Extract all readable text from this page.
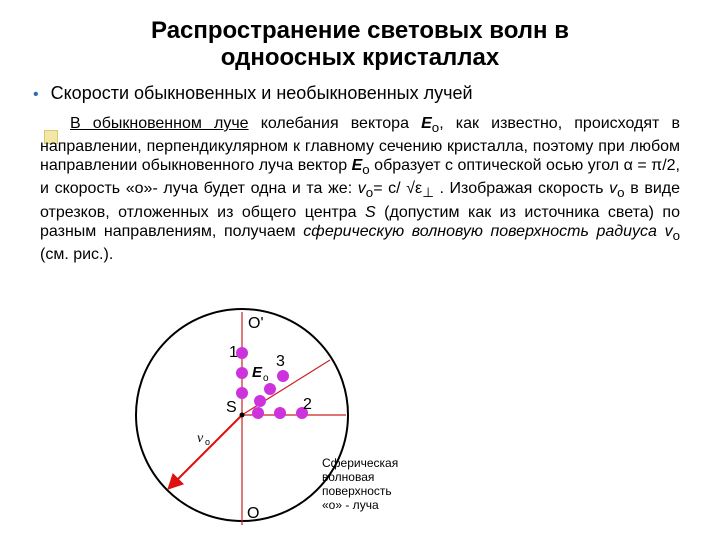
Распространение световых волн в
одноосных кристаллах
• Скорости обыкновенных и необыкновенных лучей
В обыкновенном луче колебания вектора $E_o$, как известно, происходят в направлении, перпендикулярном к главному сечению кристалла, поэтому при любом направлении обыкновенного луча вектор $E_o$ образует с оптической осью угол α = π/2, и скорость «о»- луча будет одна и та же: $v_o= c/$ $√\varepsilon_\perp$ . Изображая скорость $v_o$ в виде отрезков, отложенных из общего центра S (допустим как из источника света) по разным направлениям, получаем сферическую волновую поверхность радиуса $v_o$ (см. рис.).
O'
1
3
E o
2
S
v o
O
Сферическая
волновая
поверхность
«о» - луча
